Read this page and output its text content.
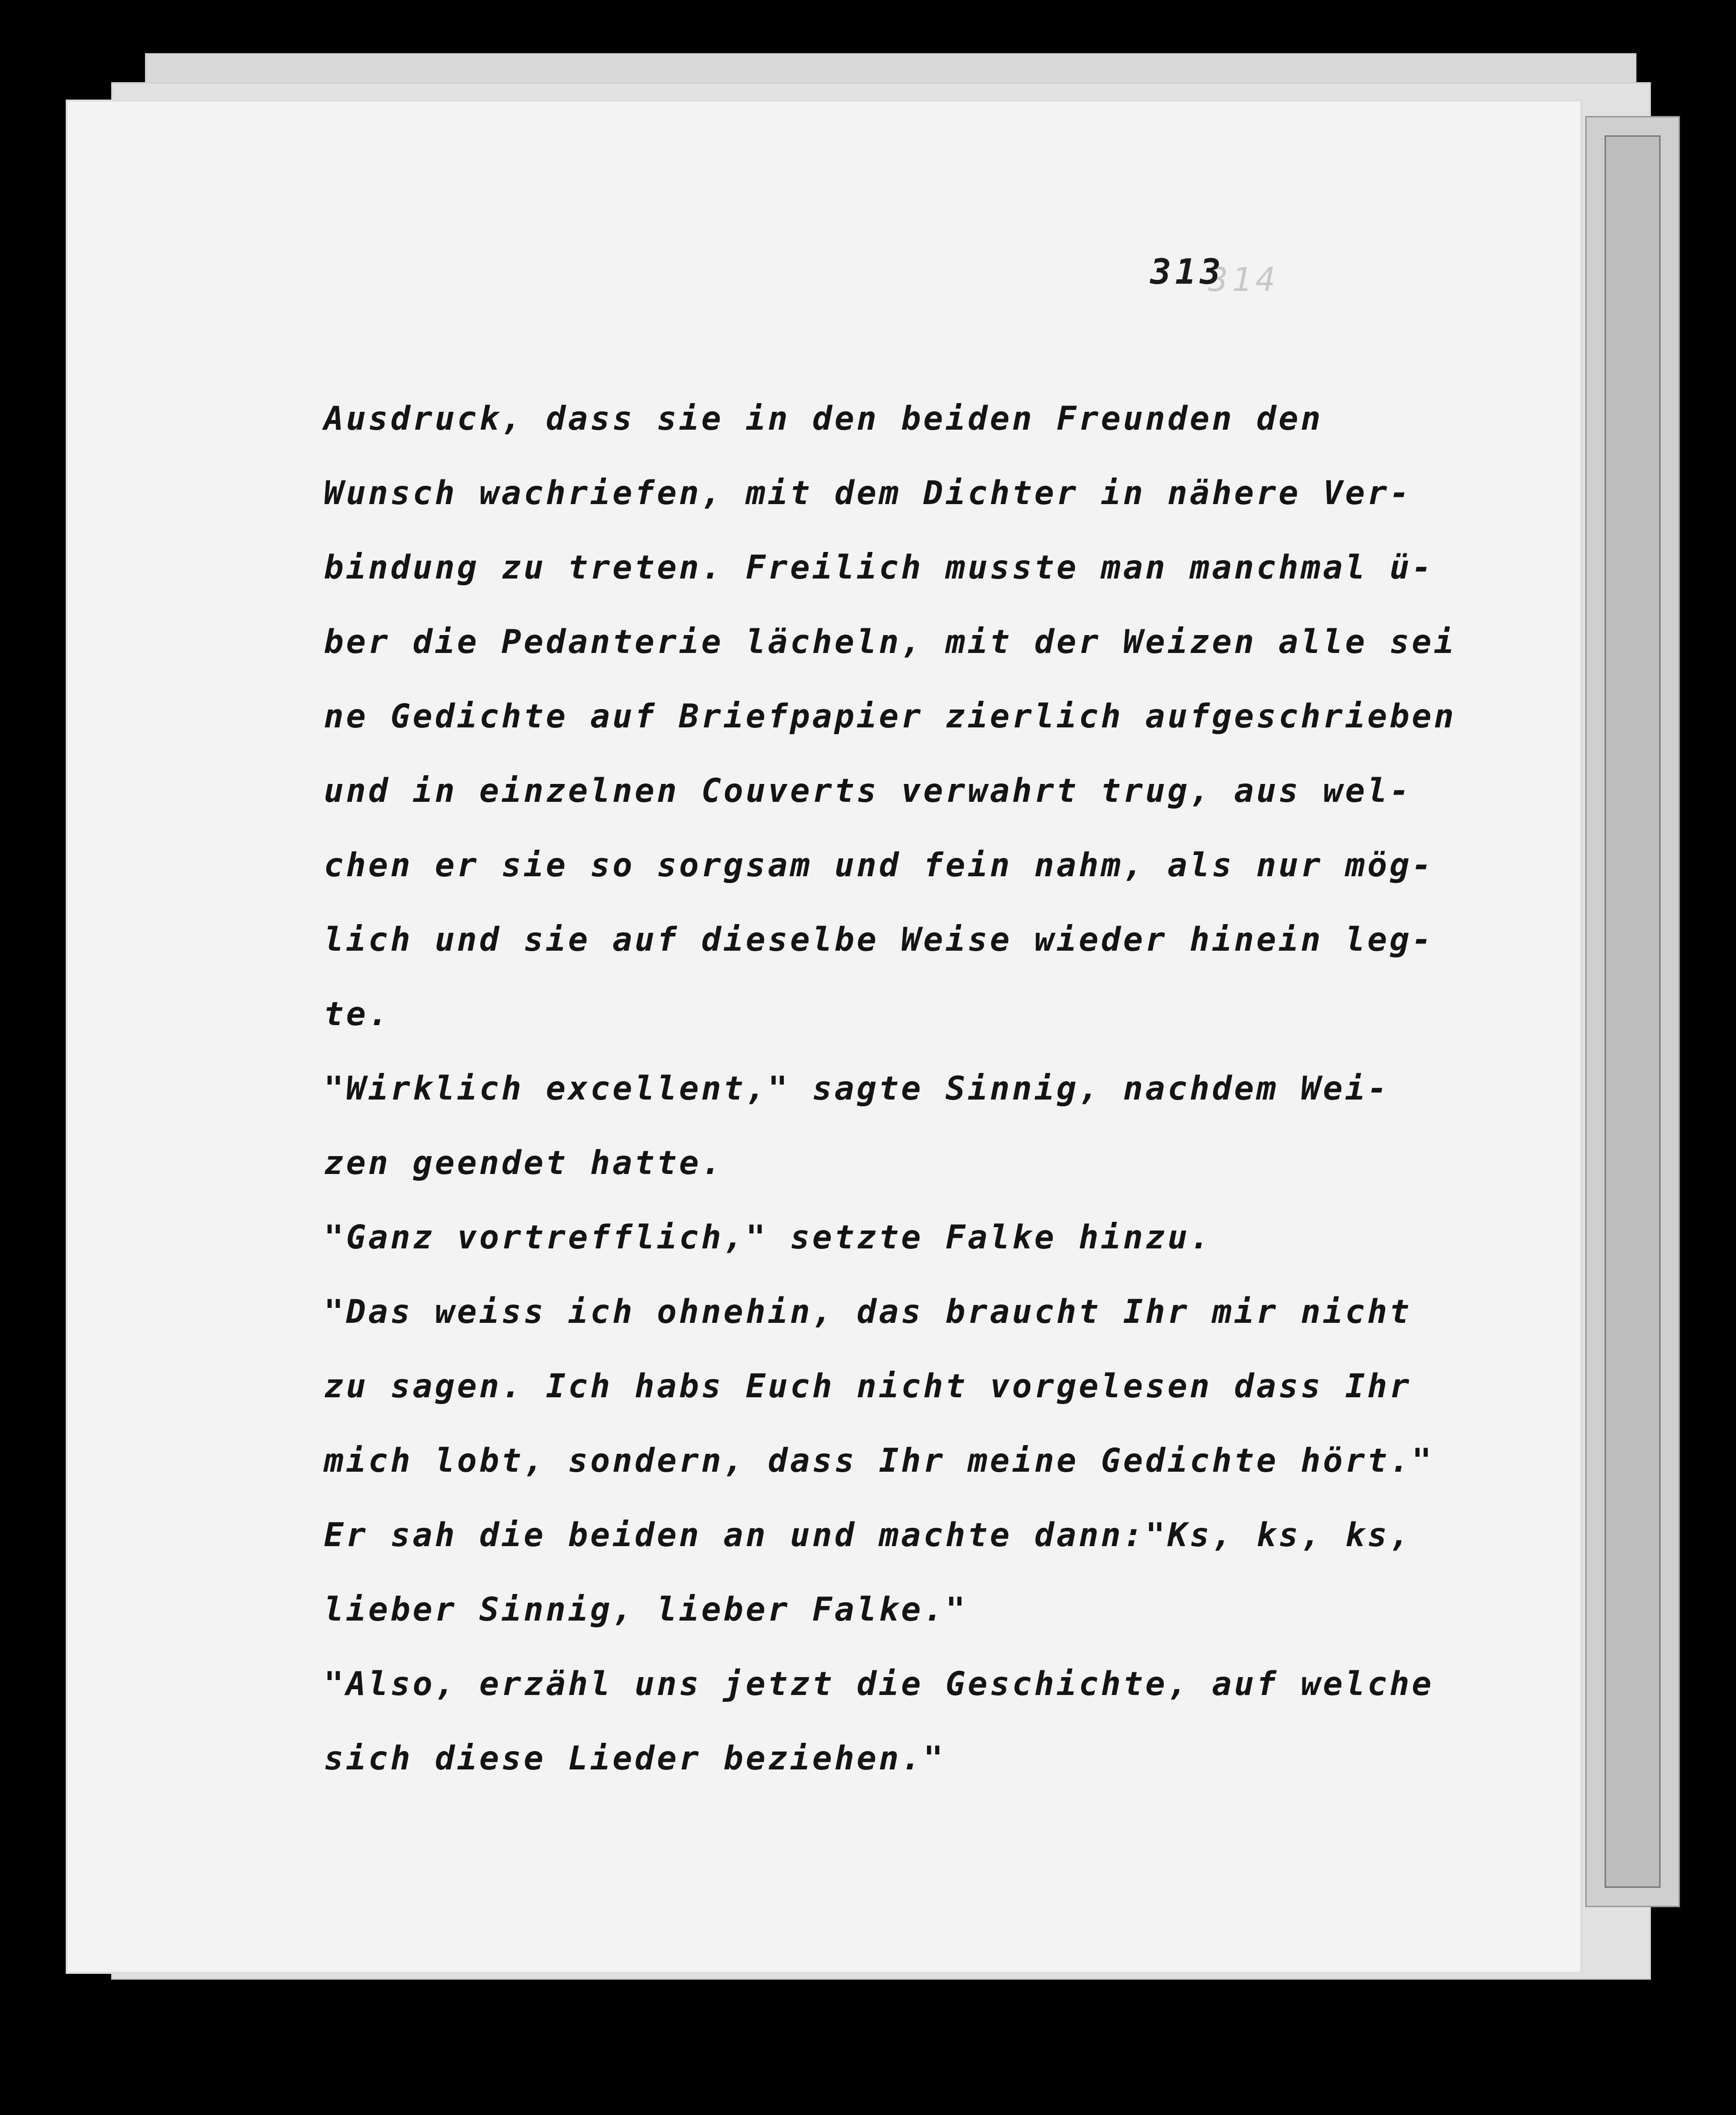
314
313
Ausdruck, dass sie in den beiden Freunden den
Wunsch wachriefen, mit dem Dichter in nähere Ver-
bindung zu treten. Freilich musste man manchmal ü-
ber die Pedanterie lächeln, mit der Weizen alle sei
ne Gedichte auf Briefpapier zierlich aufgeschrieben
und in einzelnen Couverts verwahrt trug, aus wel-
chen er sie so sorgsam und fein nahm, als nur mög-
lich und sie auf dieselbe Weise wieder hinein leg-
te.
"Wirklich excellent," sagte Sinnig, nachdem Wei-
zen geendet hatte.
"Ganz vortrefflich," setzte Falke hinzu.
"Das weiss ich ohnehin, das braucht Ihr mir nicht
zu sagen. Ich habs Euch nicht vorgelesen dass Ihr
mich lobt, sondern, dass Ihr meine Gedichte hört."
Er sah die beiden an und machte dann:"Ks, ks, ks,
lieber Sinnig, lieber Falke."
"Also, erzähl uns jetzt die Geschichte, auf welche
sich diese Lieder beziehen."
